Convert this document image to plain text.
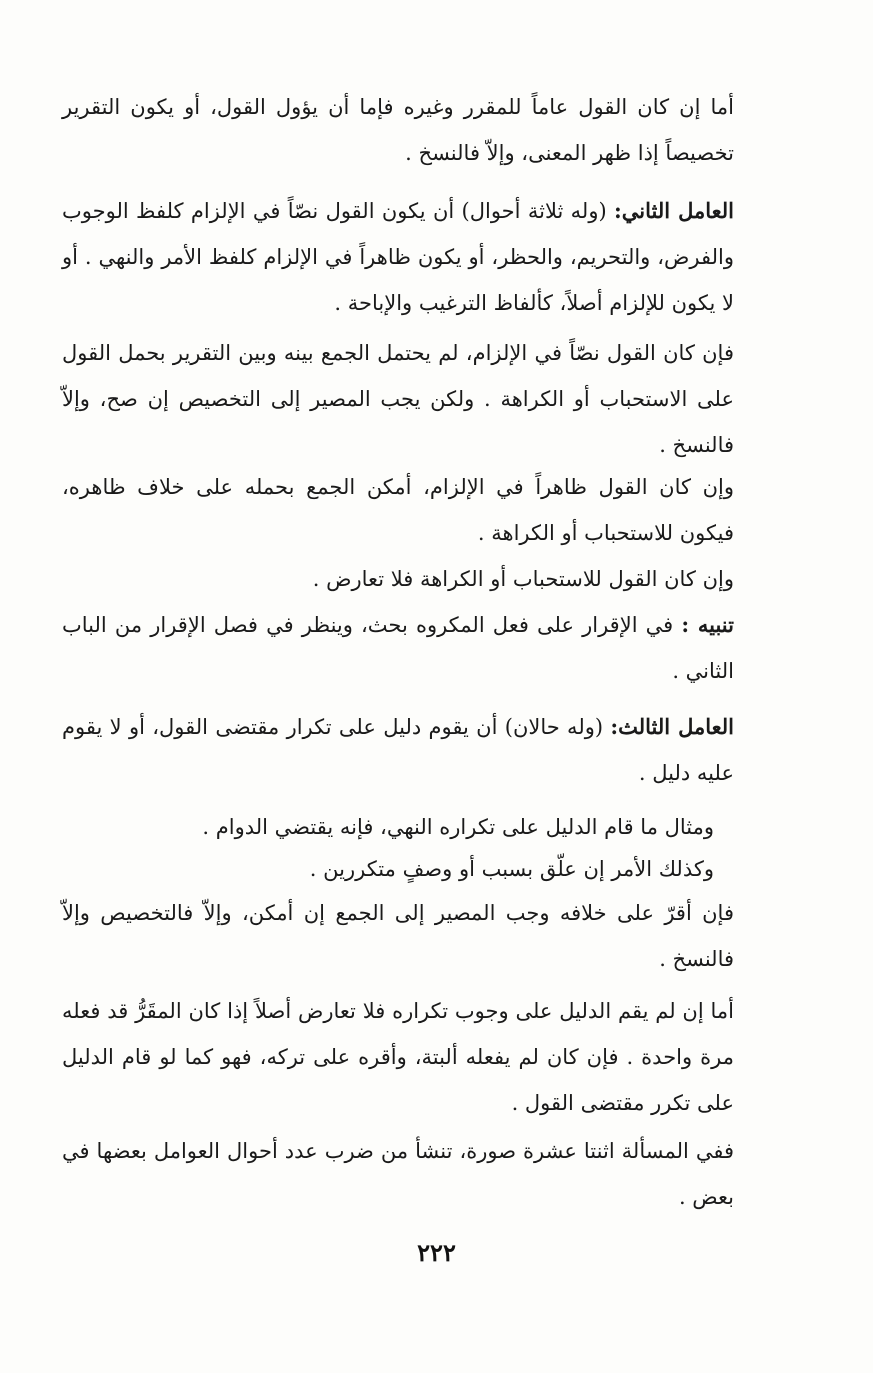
أما إن كان القول عاماً للمقرر وغيره فإما أن يؤول القول، أو يكون التقرير تخصيصاً إذا ظهر المعنى، وإلاّ فالنسخ .
العامل الثاني: (وله ثلاثة أحوال) أن يكون القول نصّاً في الإلزام كلفظ الوجوب والفرض، والتحريم، والحظر، أو يكون ظاهراً في الإلزام كلفظ الأمر والنهي . أو لا يكون للإلزام أصلاً، كألفاظ الترغيب والإباحة .
فإن كان القول نصّاً في الإلزام، لم يحتمل الجمع بينه وبين التقرير بحمل القول على الاستحباب أو الكراهة . ولكن يجب المصير إلى التخصيص إن صح، وإلاّ فالنسخ .
وإن كان القول ظاهراً في الإلزام، أمكن الجمع بحمله على خلاف ظاهره، فيكون للاستحباب أو الكراهة .
وإن كان القول للاستحباب أو الكراهة فلا تعارض .
تنبيه : في الإقرار على فعل المكروه بحث، وينظر في فصل الإقرار من الباب الثاني .
العامل الثالث: (وله حالان) أن يقوم دليل على تكرار مقتضى القول، أو لا يقوم عليه دليل .
ومثال ما قام الدليل على تكراره النهي، فإنه يقتضي الدوام .
وكذلك الأمر إن علّق بسبب أو وصفٍ متكررين .
فإن أقرّ على خلافه وجب المصير إلى الجمع إن أمكن، وإلاّ فالتخصيص وإلاّ فالنسخ .
أما إن لم يقم الدليل على وجوب تكراره فلا تعارض أصلاً إذا كان المقَرُّ قد فعله مرة واحدة . فإن كان لم يفعله ألبتة، وأقره على تركه، فهو كما لو قام الدليل على تكرر مقتضى القول .
ففي المسألة اثنتا عشرة صورة، تنشأ من ضرب عدد أحوال العوامل بعضها في بعض .
٢٢٢
